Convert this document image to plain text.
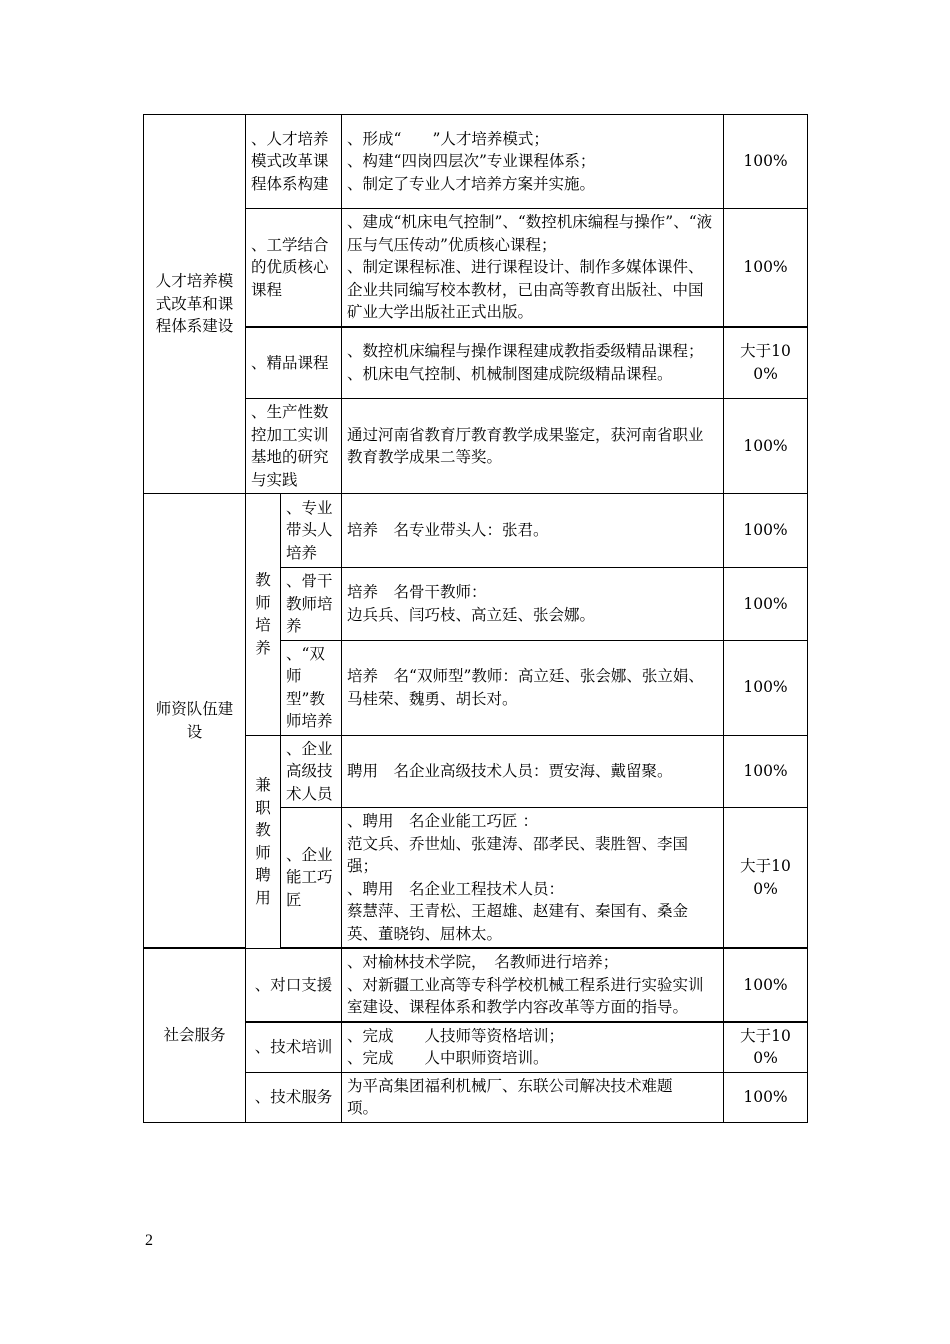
人才培养模式改革和课程体系建设	、人才培养模式改革课程体系构建		、形成“　　”人才培养模式；
、构建“四岗四层次”专业课程体系；
、制定了专业人才培养方案并实施。	100%
	、工学结合的优质核心课程		、建成“机床电气控制”、“数控机床编程与操作”、“液压与气压传动”优质核心课程；
、制定课程标准、进行课程设计、制作多媒体课件、企业共同编写校本教材，已由高等教育出版社、中国矿业大学出版社正式出版。	100%
	、精品课程		、数控机床编程与操作课程建成教指委级精品课程；
、机床电气控制、机械制图建成院级精品课程。	大于100%
	、生产性数控加工实训基地的研究与实践		通过河南省教育厅教育教学成果鉴定，获河南省职业教育教学成果二等奖。	100%
师资队伍建设	教师培养	、专业带头人培养	培养　名专业带头人：张君。	100%
		、骨干教师培养	培养　名骨干教师：
边兵兵、闫巧枝、高立廷、张会娜。	100%
		、“双师型”教师培养	培养　名“双师型”教师：高立廷、张会娜、张立娟、马桂荣、魏勇、胡长对。	100%
	兼职教师聘用	、企业高级技术人员	聘用　名企业高级技术人员：贾安海、戴留聚。	100%
		、企业能工巧匠	、聘用　名企业能工巧匠 ：
范文兵、乔世灿、张建涛、邵孝民、裴胜智、李国强；
、聘用　名企业工程技术人员：
蔡慧萍、王青松、王超雄、赵建有、秦国有、桑金英、董晓钧、屈林太。	大于100%
社会服务	、对口支援		、对榆林技术学院，　名教师进行培养；
、对新疆工业高等专科学校机械工程系进行实验实训室建设、课程体系和教学内容改革等方面的指导。	100%
	、技术培训		、完成　　人技师等资格培训；
、完成　　人中职师资培训。	大于100%
	、技术服务		为平高集团福利机械厂、东联公司解决技术难题　项。	100%
2
